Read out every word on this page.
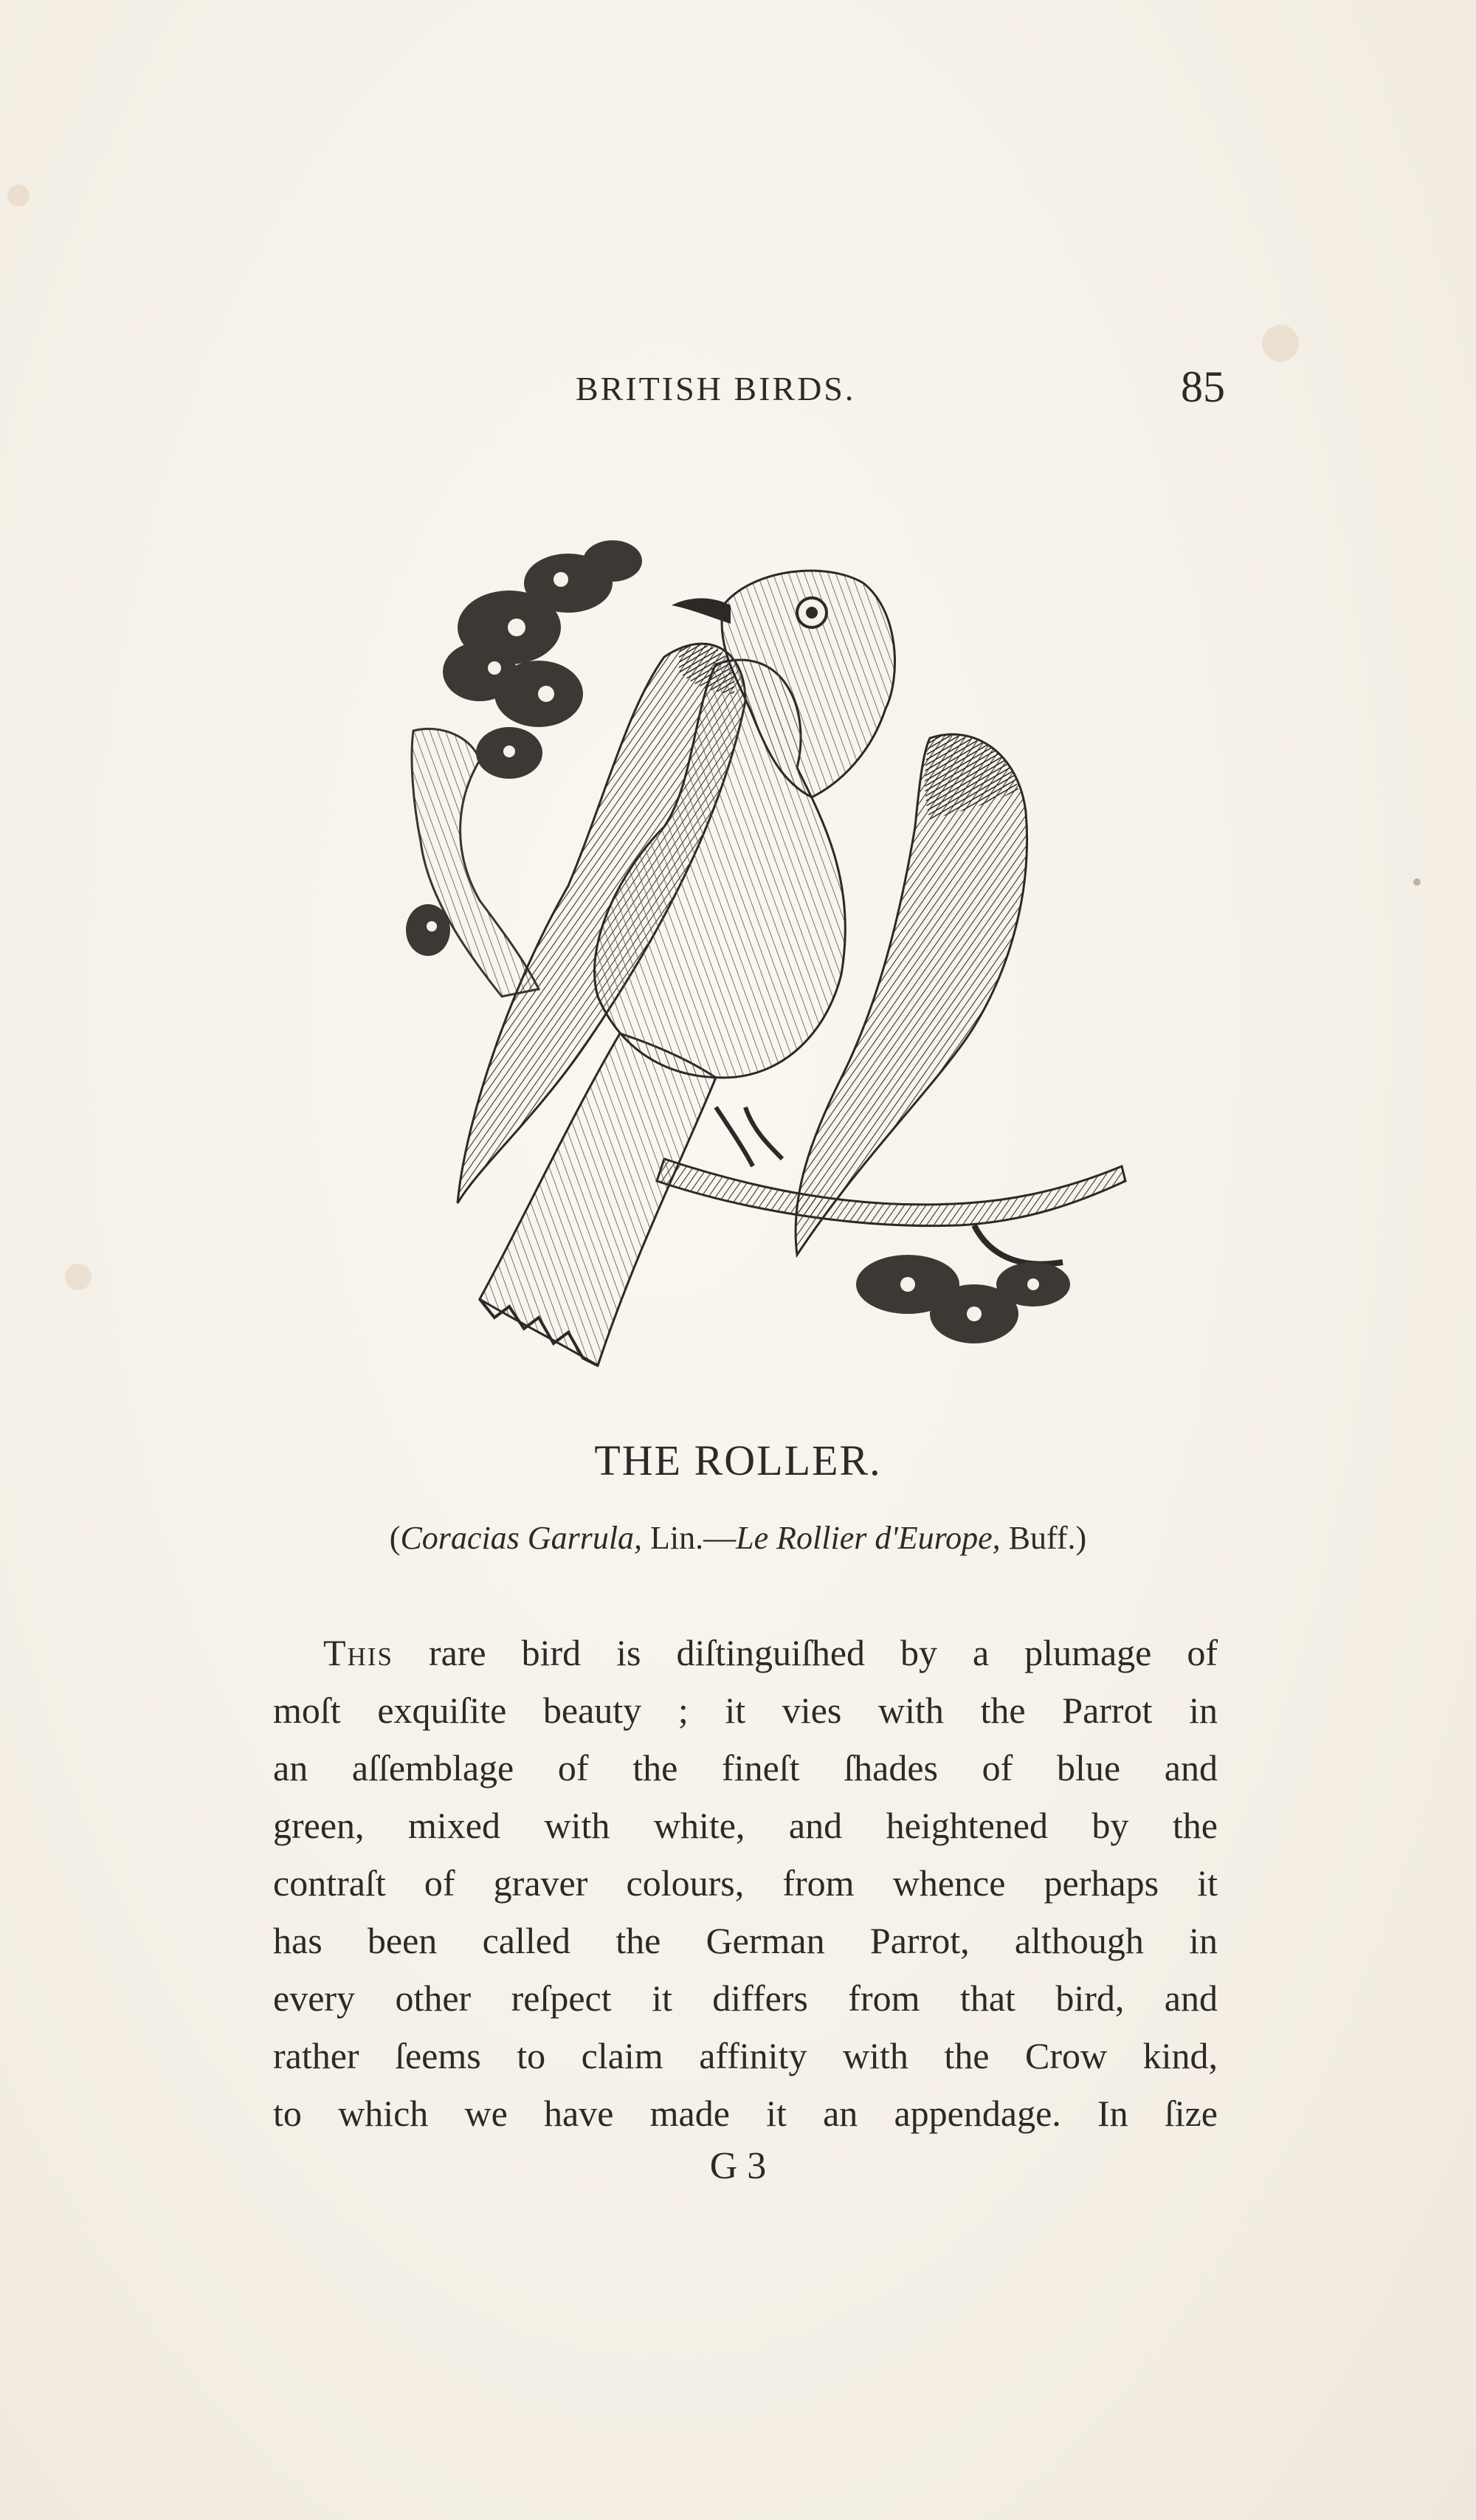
BRITISH BIRDS.	85
THE ROLLER.
(Coracias Garrula, Lin.—Le Rollier d'Europe, Buff.)
This rare bird is diſtinguiſhed by a plumage of
moſt exquiſite beauty ; it vies with the Parrot in
an aſſemblage of the fineſt ſhades of blue and
green, mixed with white, and heightened by the
contraſt of graver colours, from whence perhaps it
has been called the German Parrot, although in
every other reſpect it differs from that bird, and
rather ſeems to claim affinity with the Crow kind,
to which we have made it an appendage. In ſize
G 3
